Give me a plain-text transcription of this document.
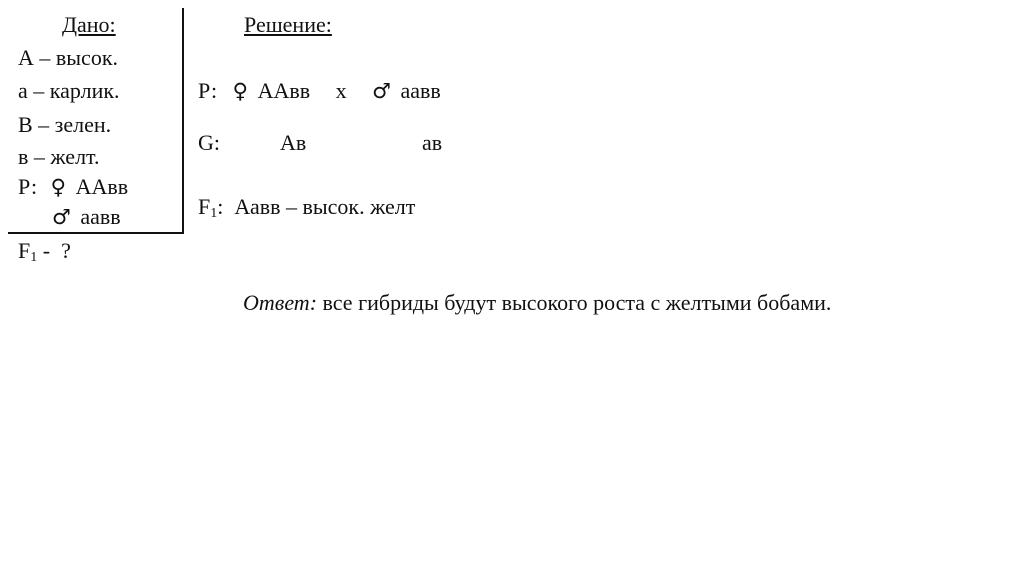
Дано:
А – высок.
а – карлик.
В – зелен.
в – желт.
Р: ♀ ААвв
♂ аавв
$F_1$ -  ?
Решение:
Р: ♀ ААвв х ♂ аавв
G:	Ав	ав
$F_1$:  Аавв – высок. желт
Ответ: все гибриды будут высокого роста с желтыми бобами.
